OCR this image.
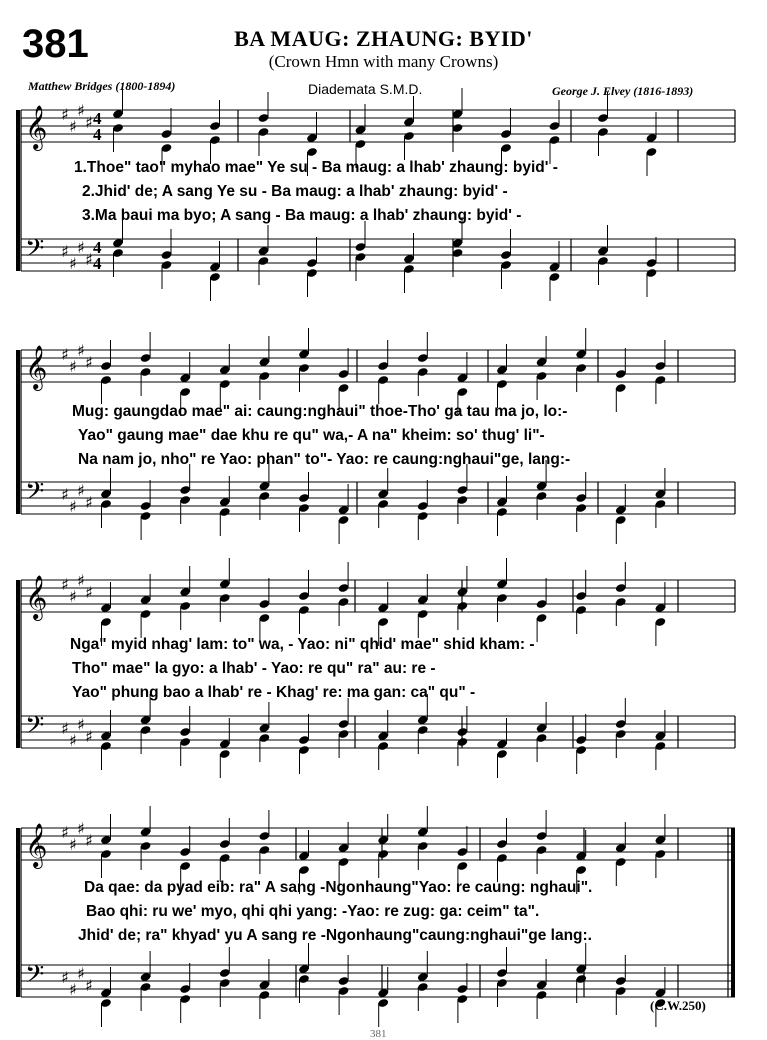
381	BA MAUG: ZHAUNG: BYID'
(Crown Hmn with many Crowns)
Matthew Bridges (1800-1894)	Diademata S.M.D.	George J. Elvey (1816-1893)
𝄞 ♯
♯
♯
♯ 4
4
𝄢 ♯
♯
♯
♯
4
4
𝄞 ♯
♯
♯
♯
𝄢 ♯
♯
♯
♯
𝄞 ♯
♯
♯
♯
𝄢 ♯
♯
♯
♯
𝄞 ♯
♯
♯
♯
𝄢 ♯
♯
♯
♯
1.Thoe" tao" myhao mae" Ye su - Ba maug: a lhab' zhaung: byid' -
2.Jhid' de; A sang Ye su - Ba maug: a lhab' zhaung: byid' -
3.Ma baui ma byo; A sang - Ba maug: a lhab' zhaung: byid' -
Mug: gaungdao mae" ai: caung:nghaui" thoe-Tho' ga tau ma jo, lo:-
Yao" gaung mae" dae khu re qu" wa,- A na" kheim: so' thug' li"-
Na nam jo, nho" re Yao: phan" to"- Yao: re caung:nghaui"ge, lang:-
Nga" myid nhag' lam: to" wa, - Yao: ni" qhid' mae" shid kham: -
Tho" mae" la gyo: a lhab' - Yao: re qu" ra" au: re -
Yao" phung bao a lhab' re - Khag' re: ma gan: ca" qu" -
Da qae: da pyad eib: ra" A sang -Ngonhaung"Yao: re caung: nghaui".
Bao qhi: ru we' myo, qhi qhi yang: -Yao: re zug: ga: ceim" ta".
Jhid' de; ra" khyad' yu A sang re -Ngonhaung"caung:nghaui"ge lang:.
(C.W.250)
381
